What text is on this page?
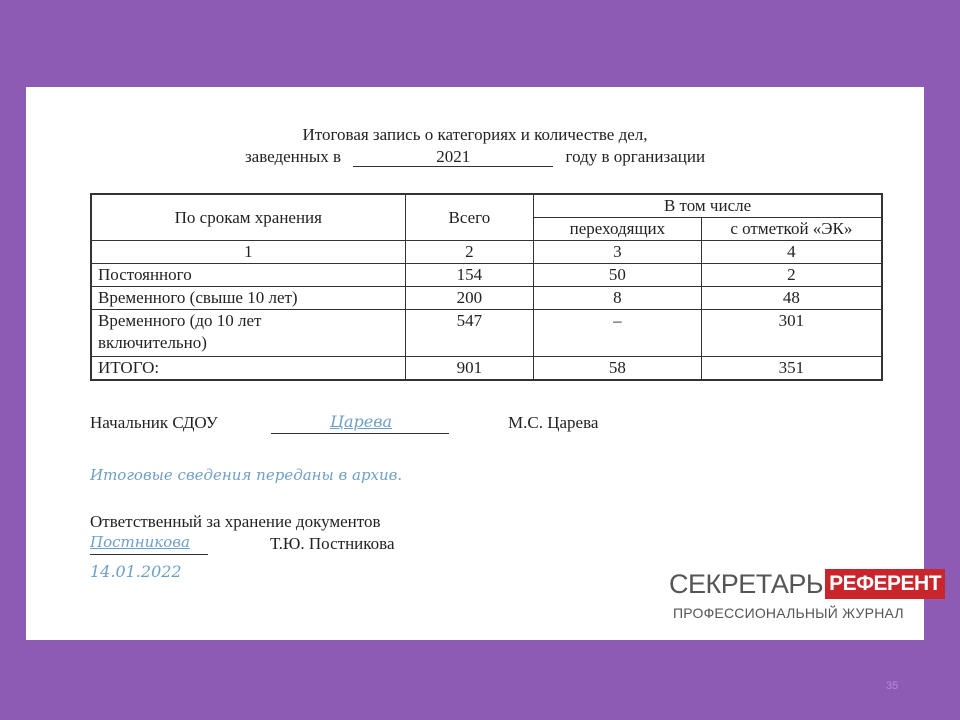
Итоговая запись о категориях и количестве дел,
заведенных в	2021	году в организации
По срокам хранения	Всего	В том числе	
		переходящих	с отметкой «ЭК»
1	2	3	4
Постоянного	154	50	2
Временного (свыше 10 лет)	200	8	48

Временного (до 10 лет
включительно)	547	–	301
ИТОГО:	901	58	351
Начальник СДОУ	Царева	М.С. Царева
Итоговые сведения переданы в архив.
Ответственный за хранение документов
Постникова	Т.Ю. Постникова
14.01.2022	СЕКРЕТАРЬ РЕФЕРЕНТ
ПРОФЕССИОНАЛЬНЫЙ ЖУРНАЛ
35
